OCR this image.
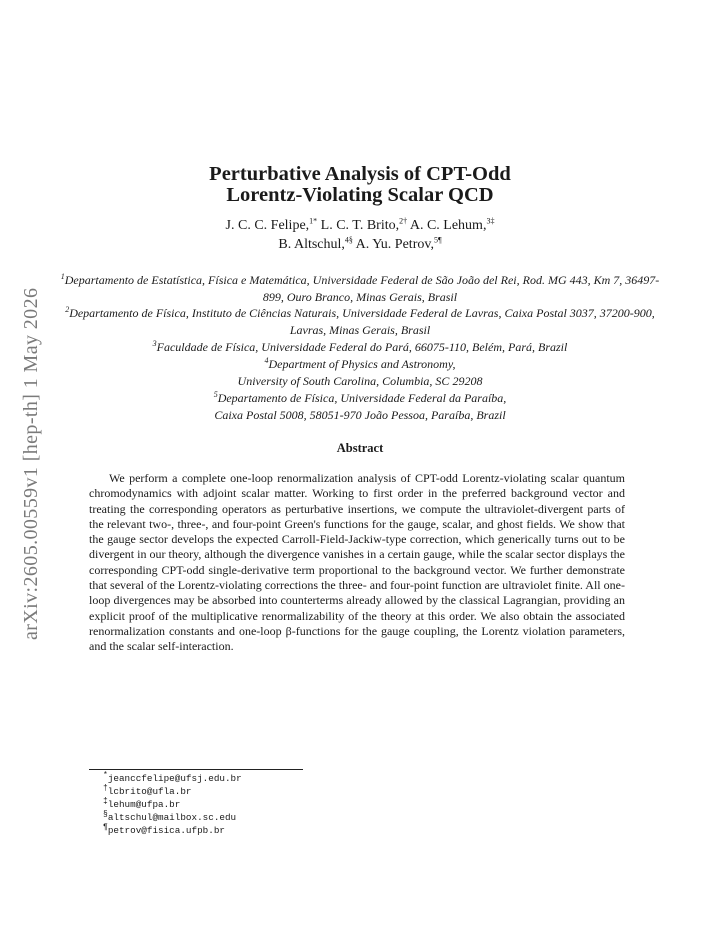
arXiv:2605.00559v1 [hep-th] 1 May 2026
Perturbative Analysis of CPT-Odd
Lorentz-Violating Scalar QCD
J. C. C. Felipe,$^{1*}$ L. C. T. Brito,$^{2\dagger}$ A. C. Lehum,$^{3\ddagger}$
B. Altschul,$^{4\S}$ A. Yu. Petrov,$^{5\P}$
$^1$Departamento de Estatística, Física e Matemática, Universidade Federal de São João del Rei, Rod. MG 443, Km 7, 36497-899, Ouro Branco, Minas Gerais, Brasil
$^2$Departamento de Física, Instituto de Ciências Naturais, Universidade Federal de Lavras, Caixa Postal 3037, 37200-900, Lavras, Minas Gerais, Brasil
$^3$Faculdade de Física, Universidade Federal do Pará, 66075-110, Belém, Pará, Brazil
$^4$Department of Physics and Astronomy,
University of South Carolina, Columbia, SC 29208
$^5$Departamento de Física, Universidade Federal da Paraíba,
Caixa Postal 5008, 58051-970 João Pessoa, Paraíba, Brazil
Abstract
We perform a complete one-loop renormalization analysis of CPT-odd Lorentz-violating scalar quantum chromodynamics with adjoint scalar matter. Working to first order in the preferred background vector and treating the corresponding operators as perturbative insertions, we compute the ultraviolet-divergent parts of the relevant two-, three-, and four-point Green's functions for the gauge, scalar, and ghost fields. We show that the gauge sector develops the expected Carroll-Field-Jackiw-type correction, which generically turns out to be divergent in our theory, although the divergence vanishes in a certain gauge, while the scalar sector displays the corresponding CPT-odd single-derivative term proportional to the background vector. We further demonstrate that several of the Lorentz-violating corrections the three- and four-point function are ultraviolet finite. All one-loop divergences may be absorbed into counterterms already allowed by the classical Lagrangian, providing an explicit proof of the multiplicative renormalizability of the theory at this order. We also obtain the associated renormalization constants and one-loop β-functions for the gauge coupling, the Lorentz violation parameters, and the scalar self-interaction.
*jeanccfelipe@ufsj.edu.br
†lcbrito@ufla.br
‡lehum@ufpa.br
§altschul@mailbox.sc.edu
¶petrov@fisica.ufpb.br
